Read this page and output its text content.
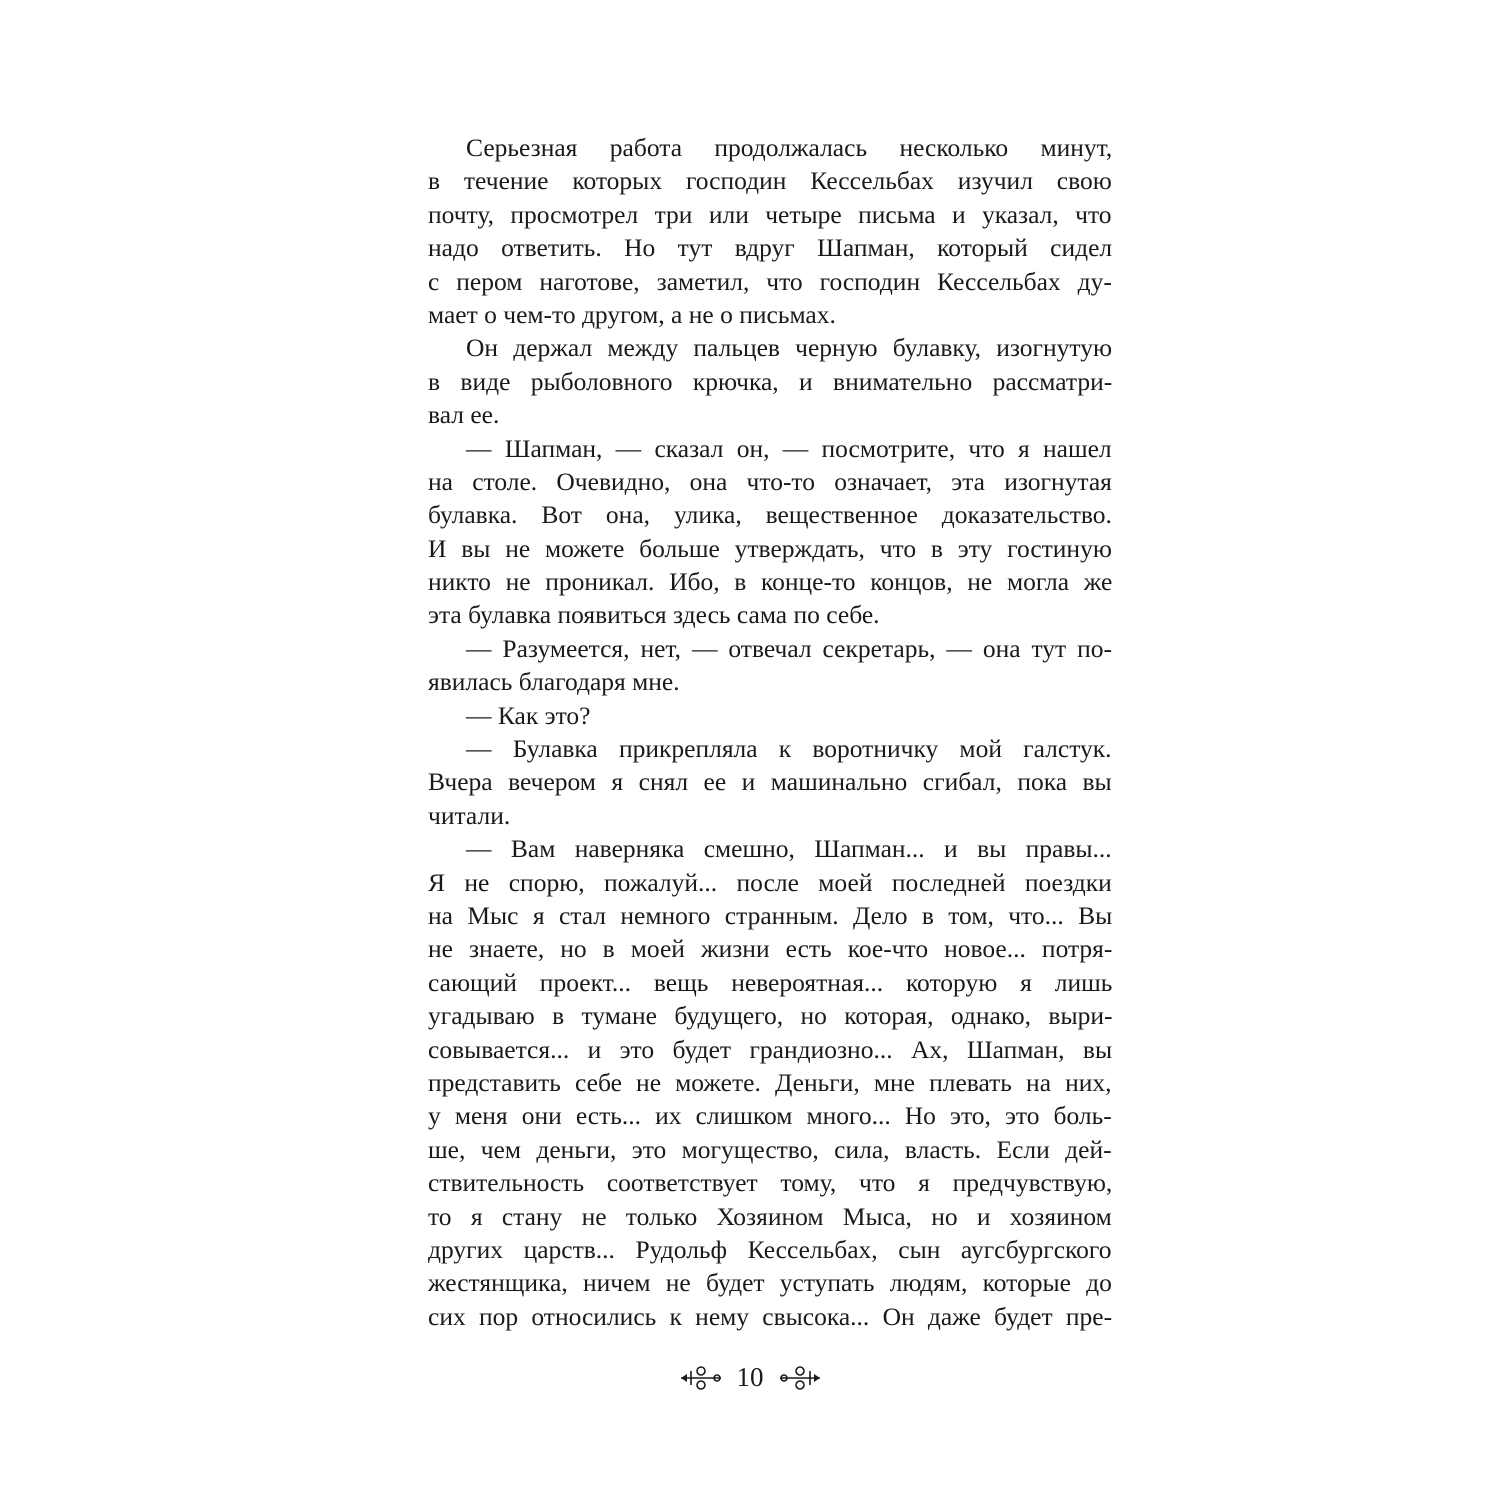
Серьезная работа продолжалась несколько минут,
в течение которых господин Кессельбах изучил свою
почту, просмотрел три или четыре письма и указал, что
надо ответить. Но тут вдруг Шапман, который сидел
с пером наготове, заметил, что господин Кессельбах ду-
мает о чем-то другом, а не о письмах.
Он держал между пальцев черную булавку, изогнутую
в виде рыболовного крючка, и внимательно рассматри-
вал ее.
— Шапман, — сказал он, — посмотрите, что я нашел
на столе. Очевидно, она что-то означает, эта изогнутая
булавка. Вот она, улика, вещественное доказательство.
И вы не можете больше утверждать, что в эту гостиную
никто не проникал. Ибо, в конце-то концов, не могла же
эта булавка появиться здесь сама по себе.
— Разумеется, нет, — отвечал секретарь, — она тут по-
явилась благодаря мне.
— Как это?
— Булавка прикрепляла к воротничку мой галстук.
Вчера вечером я снял ее и машинально сгибал, пока вы
читали.
— Вам наверняка смешно, Шапман... и вы правы...
Я не спорю, пожалуй... после моей последней поездки
на Мыс я стал немного странным. Дело в том, что... Вы
не знаете, но в моей жизни есть кое-что новое... потря-
сающий проект... вещь невероятная... которую я лишь
угадываю в тумане будущего, но которая, однако, выри-
совывается... и это будет грандиозно... Ах, Шапман, вы
представить себе не можете. Деньги, мне плевать на них,
у меня они есть... их слишком много... Но это, это боль-
ше, чем деньги, это могущество, сила, власть. Если дей-
ствительность соответствует тому, что я предчувствую,
то я стану не только Хозяином Мыса, но и хозяином
других царств... Рудольф Кессельбах, сын аугсбургского
жестянщика, ничем не будет уступать людям, которые до
сих пор относились к нему свысока... Он даже будет пре-
10
